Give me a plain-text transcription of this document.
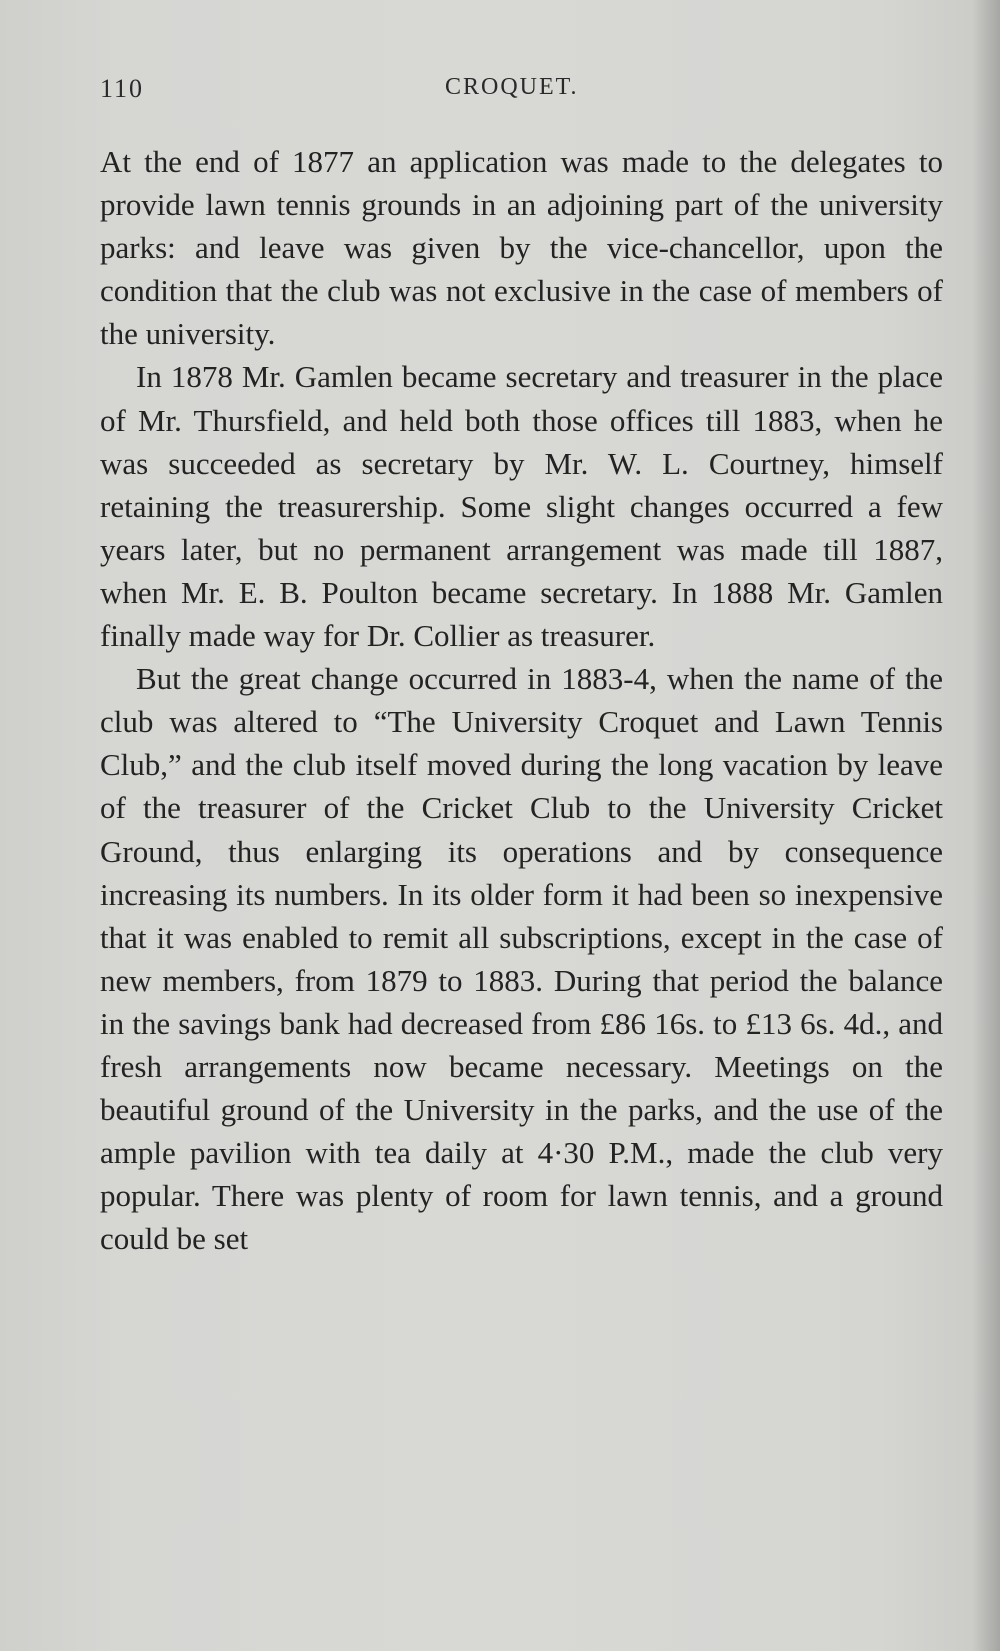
110	CROQUET.

At the end of 1877 an application was made to the delegates to provide lawn tennis grounds in an adjoining part of the university parks: and leave was given by the vice-chancellor, upon the condition that the club was not exclusive in the case of members of the university.

In 1878 Mr. Gamlen became secretary and treasurer in the place of Mr. Thursfield, and held both those offices till 1883, when he was succeeded as secretary by Mr. W. L. Courtney, himself retaining the treasurership. Some slight changes occurred a few years later, but no permanent arrangement was made till 1887, when Mr. E. B. Poulton became secretary. In 1888 Mr. Gamlen finally made way for Dr. Collier as treasurer.

But the great change occurred in 1883-4, when the name of the club was altered to “The University Croquet and Lawn Tennis Club,” and the club itself moved during the long vacation by leave of the treasurer of the Cricket Club to the University Cricket Ground, thus enlarging its operations and by consequence increasing its numbers. In its older form it had been so inexpensive that it was enabled to remit all subscriptions, except in the case of new members, from 1879 to 1883. During that period the balance in the savings bank had decreased from £86 16s. to £13 6s. 4d., and fresh arrangements now became necessary. Meetings on the beautiful ground of the University in the parks, and the use of the ample pavilion with tea daily at 4·30 P.M., made the club very popular. There was plenty of room for lawn tennis, and a ground could be set
